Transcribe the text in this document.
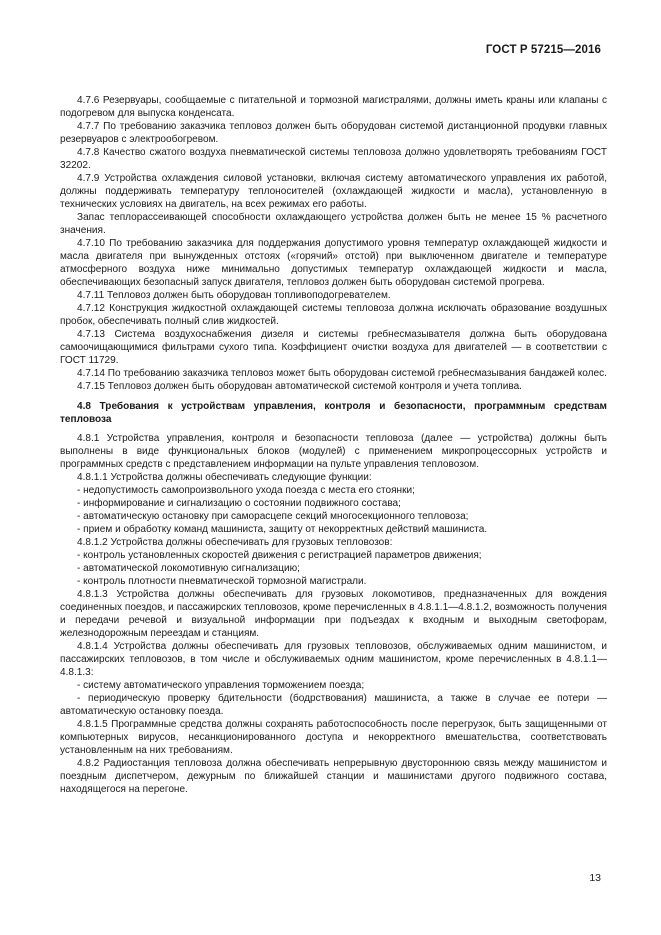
ГОСТ Р 57215—2016

4.7.6 Резервуары, сообщаемые с питательной и тормозной магистралями, должны иметь краны или клапаны с подогревом для выпуска конденсата.

4.7.7 По требованию заказчика тепловоз должен быть оборудован системой дистанционной продувки главных резервуаров с электрообогревом.

4.7.8 Качество сжатого воздуха пневматической системы тепловоза должно удовлетворять требованиям ГОСТ 32202.

4.7.9 Устройства охлаждения силовой установки, включая систему автоматического управления их работой, должны поддерживать температуру теплоносителей (охлаждающей жидкости и масла), установленную в технических условиях на двигатель, на всех режимах его работы.

Запас теплорассеивающей способности охлаждающего устройства должен быть не менее 15 % расчетного значения.

4.7.10 По требованию заказчика для поддержания допустимого уровня температур охлаждающей жидкости и масла двигателя при вынужденных отстоях («горячий» отстой) при выключенном двигателе и температуре атмосферного воздуха ниже минимально допустимых температур охлаждающей жидкости и масла, обеспечивающих безопасный запуск двигателя, тепловоз должен быть оборудован системой прогрева.

4.7.11 Тепловоз должен быть оборудован топливоподогревателем.

4.7.12 Конструкция жидкостной охлаждающей системы тепловоза должна исключать образование воздушных пробок, обеспечивать полный слив жидкостей.

4.7.13 Система воздухоснабжения дизеля и системы гребнесмазывателя должна быть оборудована самоочищающимися фильтрами сухого типа. Коэффициент очистки воздуха для двигателей — в соответствии с ГОСТ 11729.

4.7.14 По требованию заказчика тепловоз может быть оборудован системой гребнесмазывания бандажей колес.

4.7.15 Тепловоз должен быть оборудован автоматической системой контроля и учета топлива.

4.8 Требования к устройствам управления, контроля и безопасности, программным средствам тепловоза

4.8.1 Устройства управления, контроля и безопасности тепловоза (далее — устройства) должны быть выполнены в виде функциональных блоков (модулей) с применением микропроцессорных устройств и программных средств с представлением информации на пульте управления тепловозом.

4.8.1.1 Устройства должны обеспечивать следующие функции:

- недопустимость самопроизвольного ухода поезда с места его стоянки;

- информирование и сигнализацию о состоянии подвижного состава;

- автоматическую остановку при саморасцепе секций многосекционного тепловоза;

- прием и обработку команд машиниста, защиту от некорректных действий машиниста.

4.8.1.2 Устройства должны обеспечивать для грузовых тепловозов:

- контроль установленных скоростей движения с регистрацией параметров движения;

- автоматической локомотивную сигнализацию;

- контроль плотности пневматической тормозной магистрали.

4.8.1.3 Устройства должны обеспечивать для грузовых локомотивов, предназначенных для вождения соединенных поездов, и пассажирских тепловозов, кроме перечисленных в 4.8.1.1—4.8.1.2, возможность получения и передачи речевой и визуальной информации при подъездах к входным и выходным светофорам, железнодорожным переездам и станциям.

4.8.1.4 Устройства должны обеспечивать для грузовых тепловозов, обслуживаемых одним машинистом, и пассажирских тепловозов, в том числе и обслуживаемых одним машинистом, кроме перечисленных в 4.8.1.1—4.8.1.3:

- систему автоматического управления торможением поезда;

- периодическую проверку бдительности (бодрствования) машиниста, а также в случае ее потери — автоматическую остановку поезда.

4.8.1.5 Программные средства должны сохранять работоспособность после перегрузок, быть защищенными от компьютерных вирусов, несанкционированного доступа и некорректного вмешательства, соответствовать установленным на них требованиям.

4.8.2 Радиостанция тепловоза должна обеспечивать непрерывную двустороннюю связь между машинистом и поездным диспетчером, дежурным по ближайшей станции и машинистами другого подвижного состава, находящегося на перегоне.

13
